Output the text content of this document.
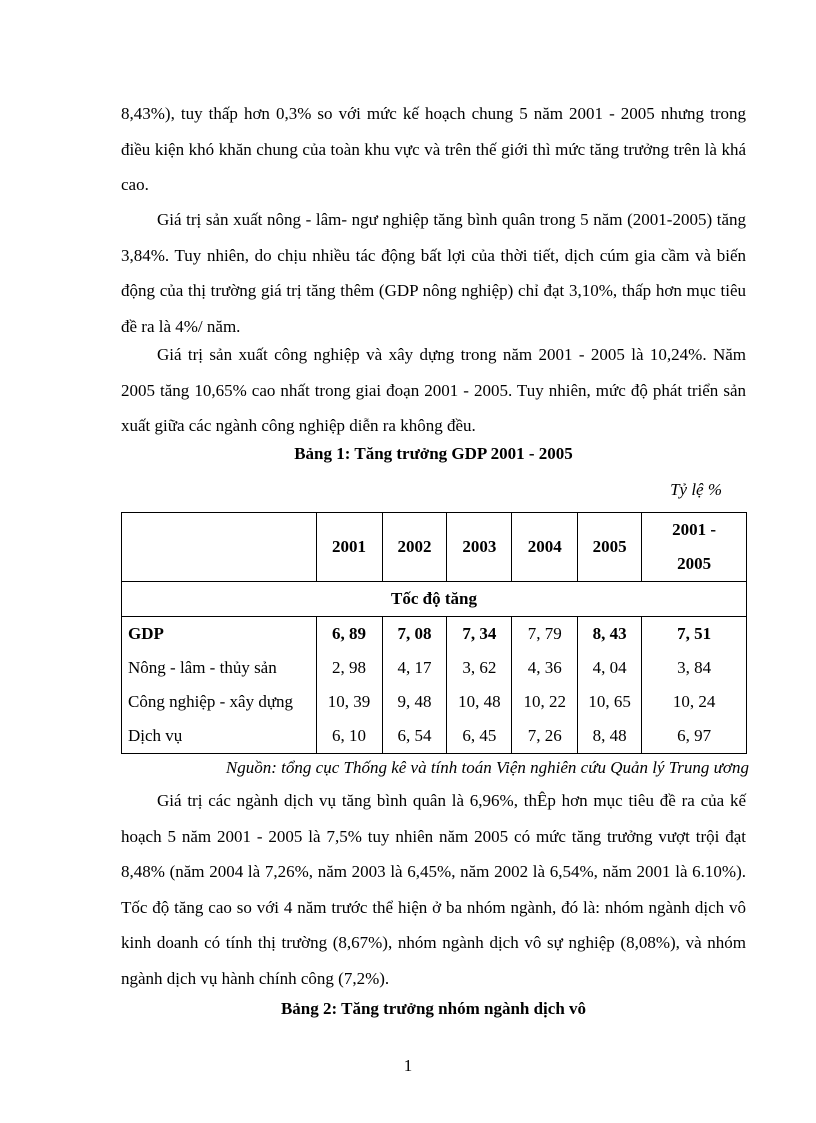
8,43%), tuy thấp hơn 0,3% so với mức kế hoạch chung 5 năm 2001 - 2005 nhưng trong điều kiện khó khăn chung của toàn khu vực và trên thế giới thì mức tăng trưởng trên là khá cao.

Giá trị sản xuất nông - lâm- ngư nghiệp tăng bình quân trong 5 năm (2001-2005) tăng 3,84%. Tuy nhiên, do chịu nhiều tác động bất lợi của thời tiết, dịch cúm gia cầm và biến động của thị trường giá trị tăng thêm (GDP nông nghiệp) chỉ đạt 3,10%, thấp hơn mục tiêu đề ra là 4%/ năm.

Giá trị sản xuất công nghiệp và xây dựng trong năm 2001 - 2005 là 10,24%. Năm 2005 tăng 10,65% cao nhất trong giai đoạn 2001 - 2005. Tuy nhiên, mức độ phát triển sản xuất giữa các ngành công nghiệp diễn ra không đều.

Bảng 1: Tăng trưởng GDP 2001 - 2005

Tỷ lệ %
	2001	2002	2003	2004	2005	2001 -
2005
Tốc độ tăng						
GDP	6, 89	7, 08	7, 34	7, 79	8, 43	7, 51
Nông - lâm - thủy sản	2, 98	4, 17	3, 62	4, 36	4, 04	3, 84
Công nghiệp - xây dựng	10, 39	9, 48	10, 48	10, 22	10, 65	10, 24
Dịch vụ	6, 10	6, 54	6, 45	7, 26	8, 48	6, 97
Nguồn: tổng cục Thống kê và tính toán Viện nghiên cứu Quản lý Trung ương

Giá trị các ngành dịch vụ tăng bình quân là 6,96%, thÊp hơn mục tiêu đề ra của kế hoạch 5 năm 2001 - 2005 là 7,5% tuy nhiên năm 2005 có mức tăng trưởng vượt trội đạt 8,48% (năm 2004 là 7,26%, năm 2003 là 6,45%, năm 2002 là 6,54%, năm 2001 là 6.10%). Tốc độ tăng cao so với 4 năm trước thể hiện ở ba nhóm ngành, đó là: nhóm ngành dịch vô kinh doanh có tính thị trường (8,67%), nhóm ngành dịch vô sự nghiệp (8,08%), và nhóm ngành dịch vụ hành chính công (7,2%).

Bảng 2: Tăng trưởng nhóm ngành dịch vô

1
